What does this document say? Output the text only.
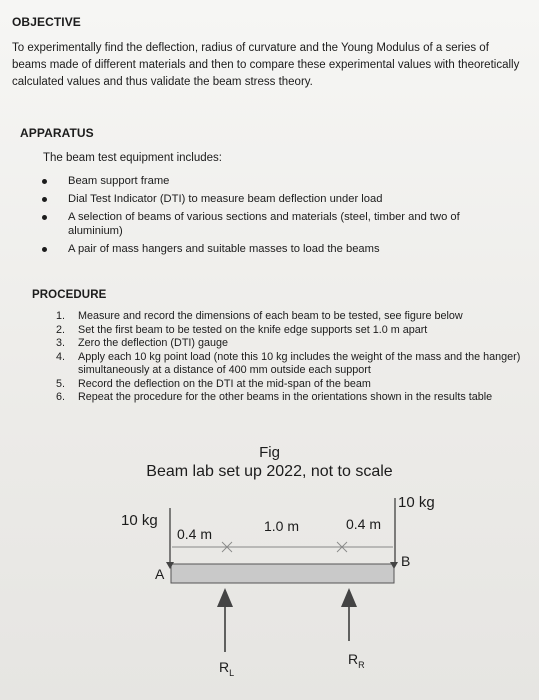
OBJECTIVE
To experimentally find the deflection, radius of curvature and the Young Modulus of a series of beams made of different materials and then to compare these experimental values with theoretically calculated values and thus validate the beam stress theory.
APPARATUS
The beam test equipment includes:
Beam support frame
Dial Test Indicator (DTI) to measure beam deflection under load
A selection of beams of various sections and materials (steel, timber and two of aluminium)
A pair of mass hangers and suitable masses to load the beams
PROCEDURE
1. Measure and record the dimensions of each beam to be tested, see figure below
2. Set the first beam to be tested on the knife edge supports set 1.0 m apart
3. Zero the deflection (DTI) gauge
4. Apply each 10 kg point load (note this 10 kg includes the weight of the mass and the hanger) simultaneously at a distance of 400 mm outside each support
5. Record the deflection on the DTI at the mid-span of the beam
6. Repeat the procedure for the other beams in the orientations shown in the results table
Fig
Beam lab set up 2022, not to scale
10 kg
10 kg
0.4 m	1.0 m	0.4 m
A
B
$R_L$
$R_R$
